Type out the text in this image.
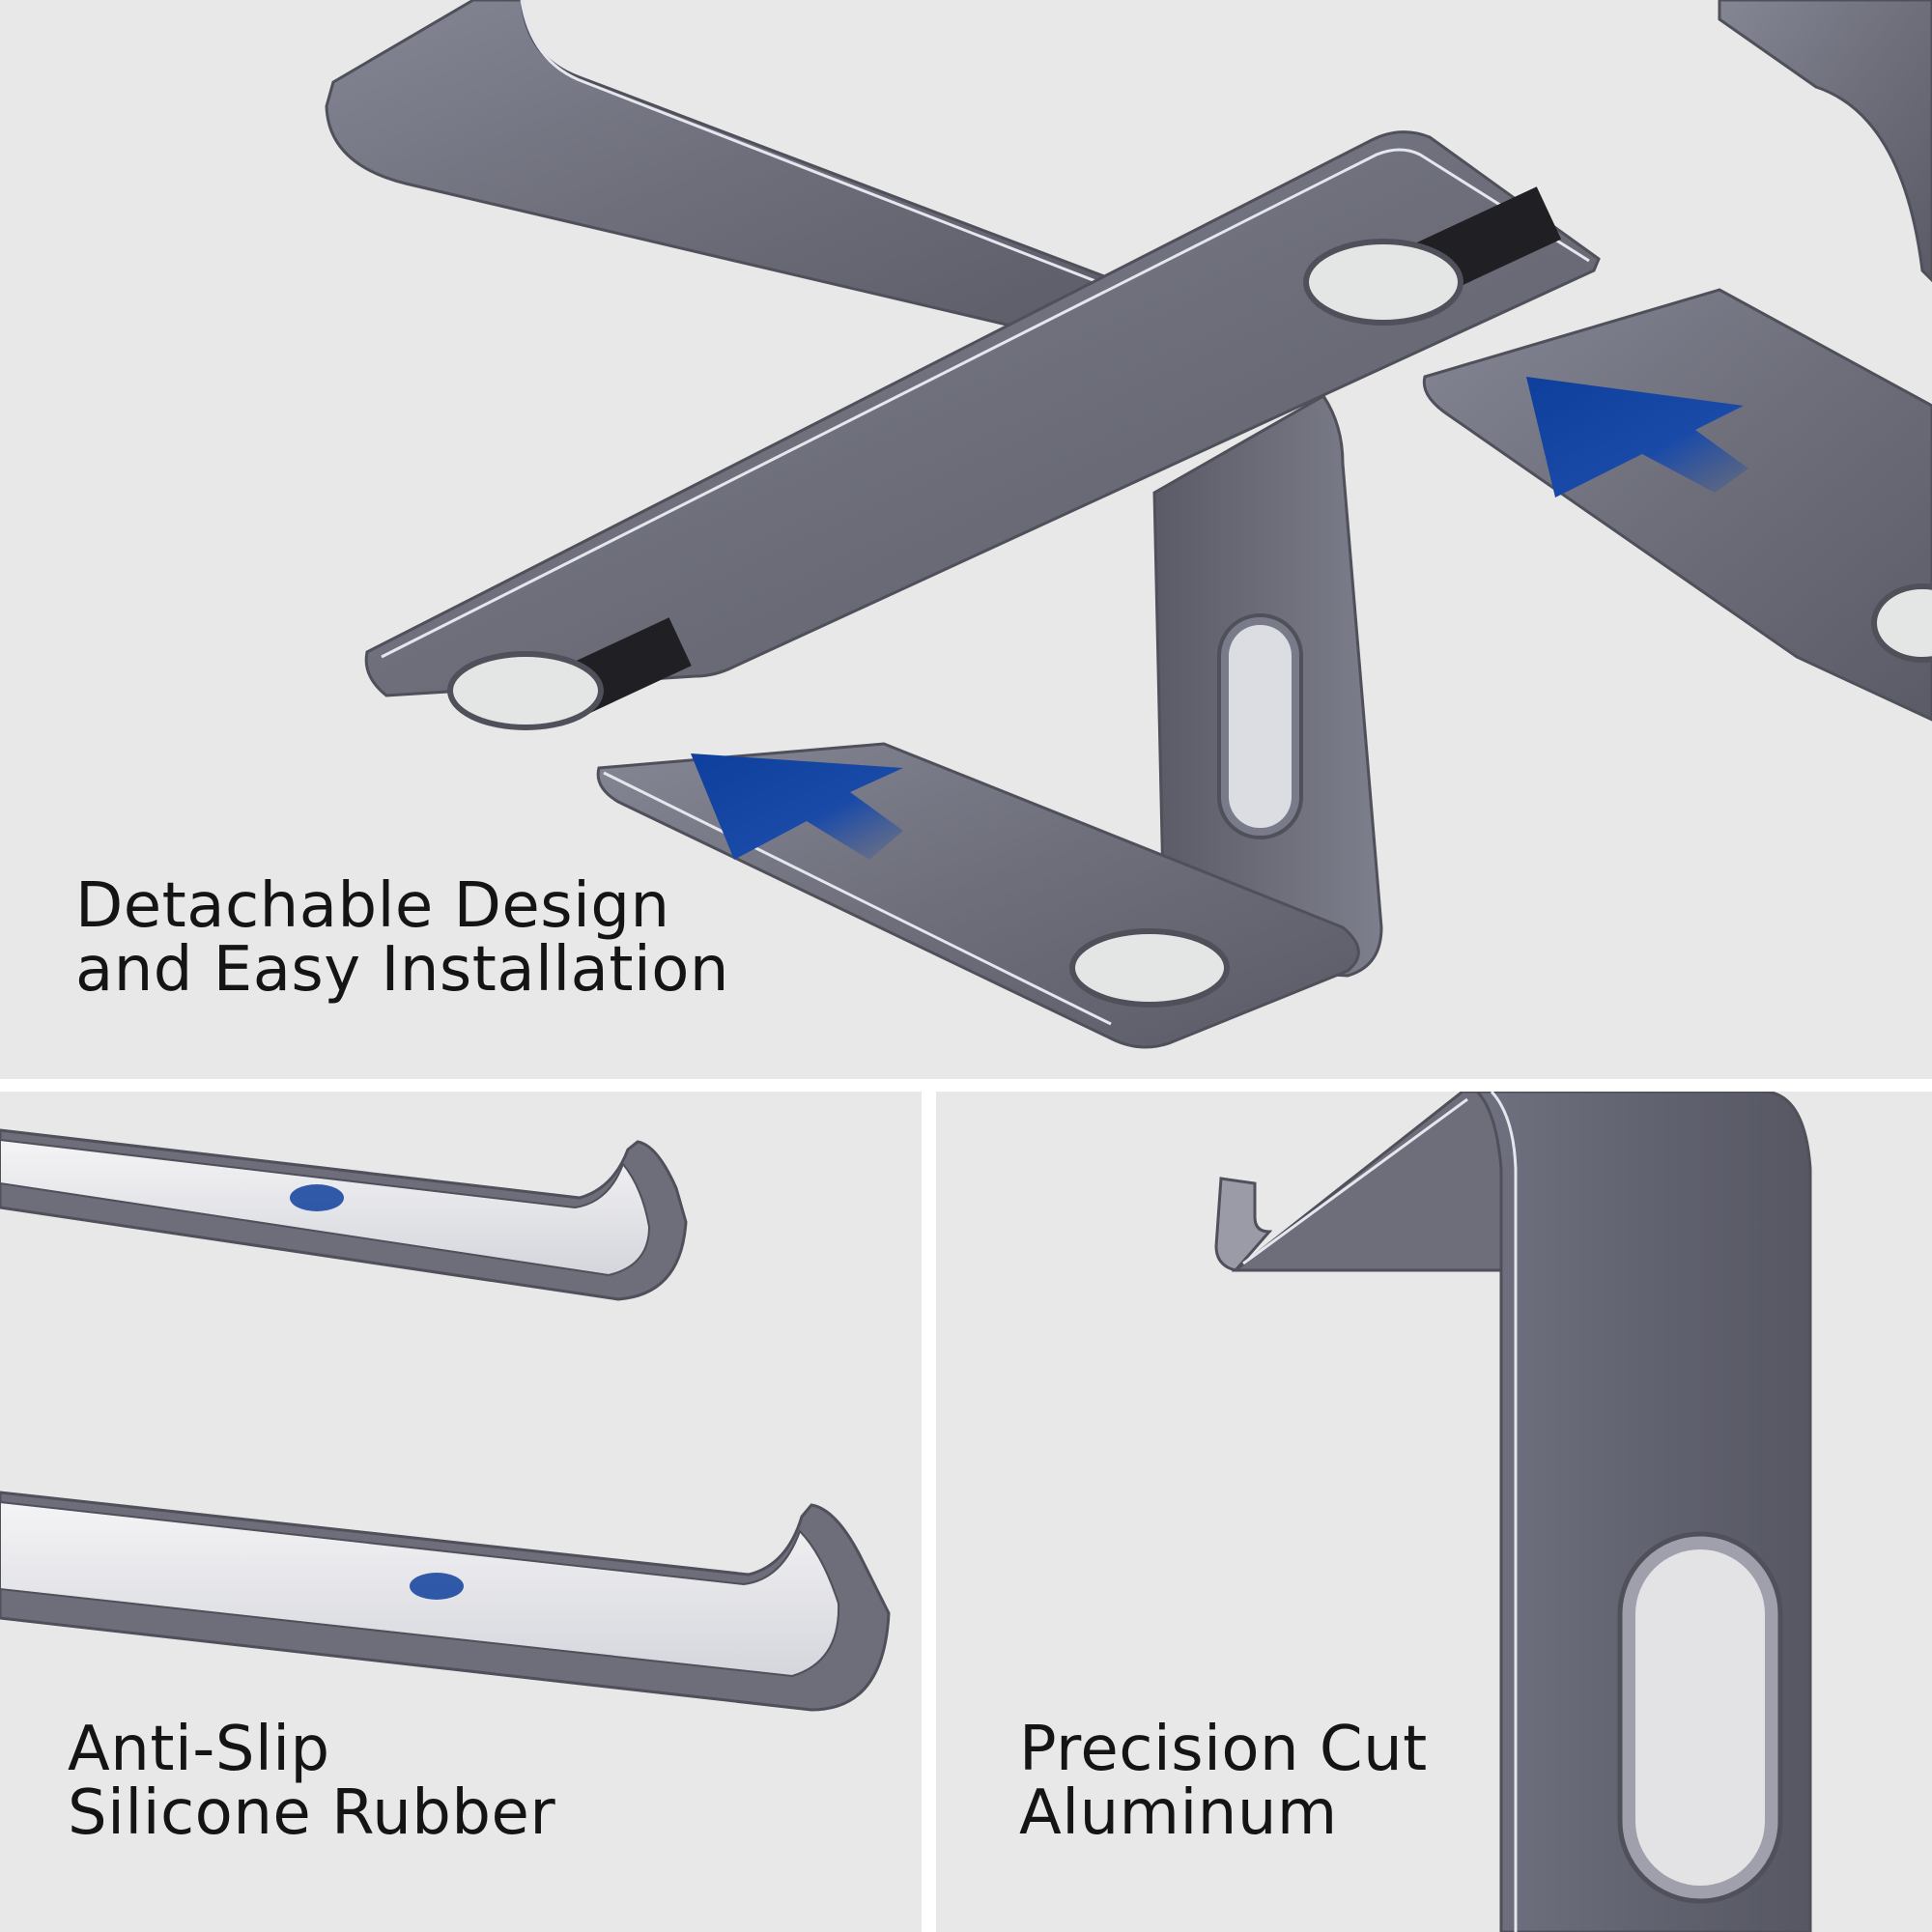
Detachable Design
and Easy Installation

Anti-Slip
Silicone Rubber

Precision Cut
Aluminum
